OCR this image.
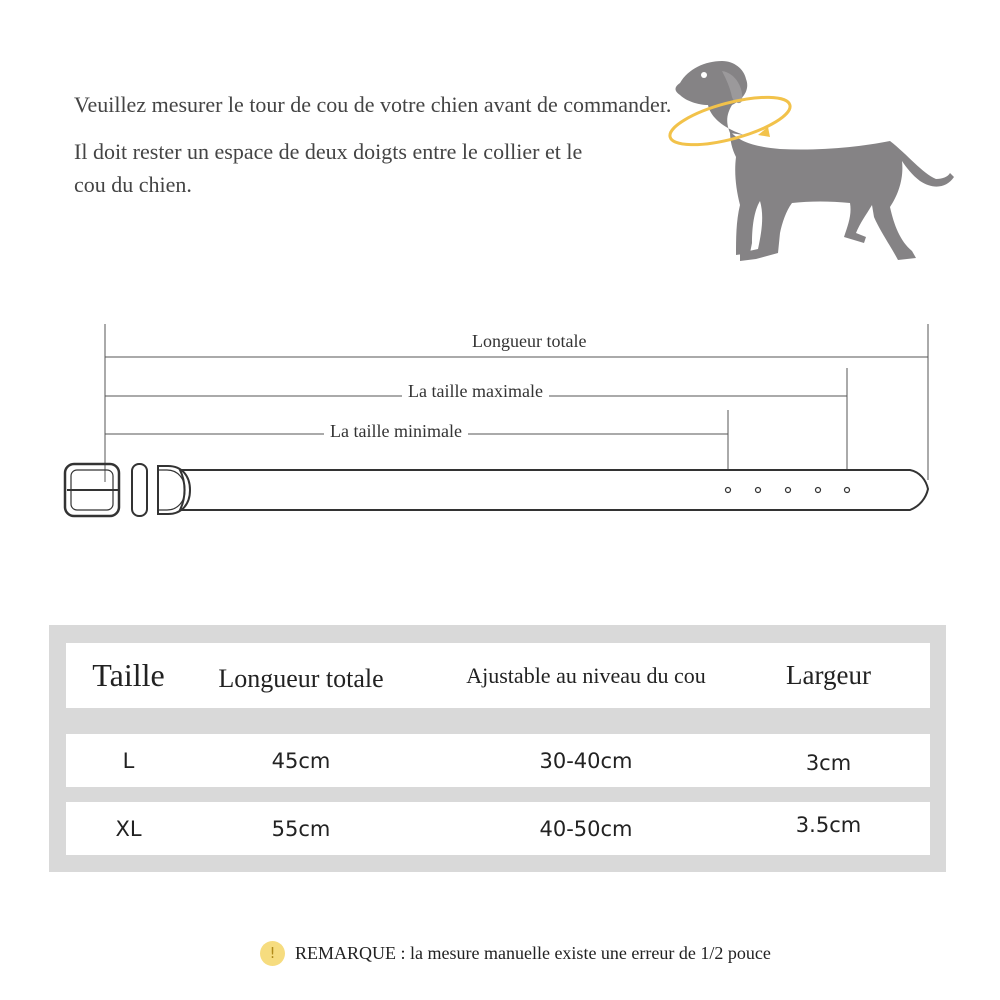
Veuillez mesurer le tour de cou de votre chien avant de commander.

Il doit rester un espace de deux doigts entre le collier et le cou du chien.

Longueur totale
La taille maximale
La taille minimale
Taille	Longueur totale	Ajustable au niveau du cou	Largeur
L	45cm	30-40cm	3cm
XL	55cm	40-50cm	3.5cm
!	REMARQUE : la mesure manuelle existe une erreur de 1/2 pouce
